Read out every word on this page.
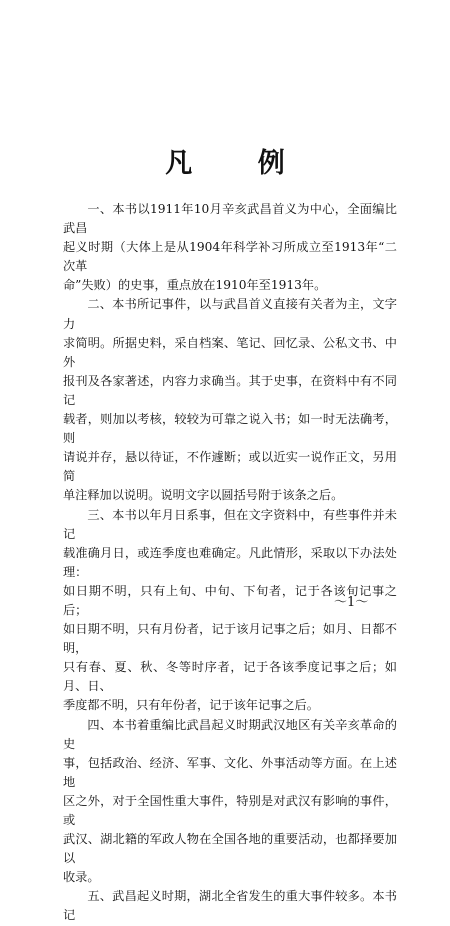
凡 例

一、本书以1911年10月辛亥武昌首义为中心，全面编比武昌
起义时期（大体上是从1904年科学补习所成立至1913年“二次革
命”失败）的史事，重点放在1910年至1913年。

二、本书所记事件，以与武昌首义直接有关者为主，文字力
求简明。所据史料，采自档案、笔记、回忆录、公私文书、中外
报刊及各家著述，内容力求确当。其于史事，在资料中有不同记
载者，则加以考核，较较为可靠之说入书；如一时无法确考，则
请说并存，悬以待证，不作遽断；或以近实一说作正文，另用简
单注释加以说明。说明文字以圆括号附于该条之后。

三、本书以年月日系事，但在文字资料中，有些事件并未记
载准确月日，或连季度也难确定。凡此情形，采取以下办法处理：
如日期不明，只有上旬、中旬、下旬者，记于各该旬记事之后；
如日期不明，只有月份者，记于该月记事之后；如月、日都不明，
只有春、夏、秋、冬等时序者，记于各该季度记事之后；如月、日、
季度都不明，只有年份者，记于该年记事之后。

四、本书着重编比武昌起义时期武汉地区有关辛亥革命的史
事，包括政治、经济、军事、文化、外事活动等方面。在上述地
区之外，对于全国性重大事件，特别是对武汉有影响的事件，或
武汉、湖北籍的军政人物在全国各地的重要活动，也都择要加以
收录。

五、武昌起义时期，湖北全省发生的重大事件较多。本书记

～1～
